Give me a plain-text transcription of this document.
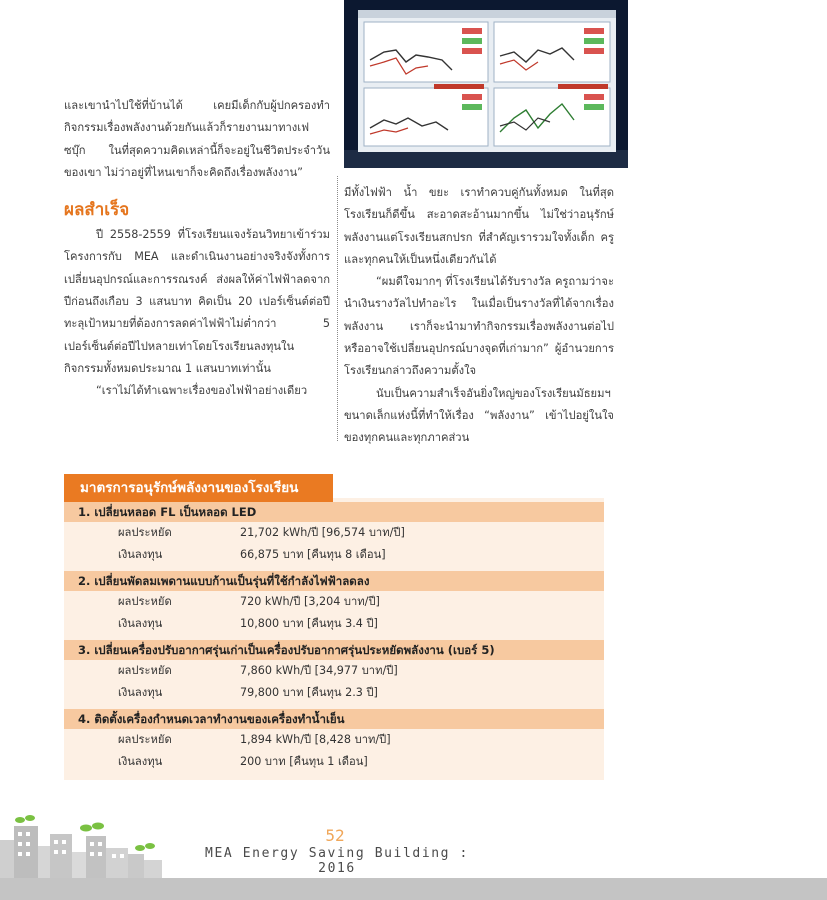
และเขานำไปใช้ที่บ้านได้ เคยมีเด็กกับผู้ปกครองทำกิจกรรมเรื่องพลังงานด้วยกันแล้วก็รายงานมาทางเฟซบุ๊ก ในที่สุดความคิดเหล่านี้ก็จะอยู่ในชีวิตประจำวันของเขา ไม่ว่าอยู่ที่ไหนเขาก็จะคิดถึงเรื่องพลังงาน”

ผลสำเร็จ

ปี 2558-2559 ที่โรงเรียนแจงร้อนวิทยาเข้าร่วมโครงการกับ MEA และดำเนินงานอย่างจริงจังทั้งการเปลี่ยนอุปกรณ์และการรณรงค์ ส่งผลให้ค่าไฟฟ้าลดจากปีก่อนถึงเกือบ 3 แสนบาท คิดเป็น 20 เปอร์เซ็นต์ต่อปี ทะลุเป้าหมายที่ต้องการลดค่าไฟฟ้าไม่ต่ำกว่า 5 เปอร์เซ็นต์ต่อปีไปหลายเท่าโดยโรงเรียนลงทุนในกิจกรรมทั้งหมดประมาณ 1 แสนบาทเท่านั้น

“เราไม่ได้ทำเฉพาะเรื่องของไฟฟ้าอย่างเดียว

มีทั้งไฟฟ้า น้ำ ขยะ เราทำควบคู่กันทั้งหมด ในที่สุดโรงเรียนก็ดีขึ้น สะอาดสะอ้านมากขึ้น ไม่ใช่ว่าอนุรักษ์พลังงานแต่โรงเรียนสกปรก ที่สำคัญเรารวมใจทั้งเด็ก ครู และทุกคนให้เป็นหนึ่งเดียวกันได้

“ผมดีใจมากๆ ที่โรงเรียนได้รับรางวัล ครูถามว่าจะนำเงินรางวัลไปทำอะไร ในเมื่อเป็นรางวัลที่ได้จากเรื่องพลังงาน เราก็จะนำมาทำกิจกรรมเรื่องพลังงานต่อไป หรืออาจใช้เปลี่ยนอุปกรณ์บางจุดที่เก่ามาก” ผู้อำนวยการโรงเรียนกล่าวถึงความตั้งใจ

นับเป็นความสำเร็จอันยิ่งใหญ่ของโรงเรียนมัธยมฯ ขนาดเล็กแห่งนี้ที่ทำให้เรื่อง “พลังงาน” เข้าไปอยู่ในใจของทุกคนและทุกภาคส่วน

1. เปลี่ยนหลอด FL เป็นหลอด LED
ผลประหยัด	21,702 kWh/ปี [96,574 บาท/ปี]
เงินลงทุน	66,875 บาท [คืนทุน 8 เดือน]
2. เปลี่ยนพัดลมเพดานแบบก้านเป็นรุ่นที่ใช้กำลังไฟฟ้าลดลง
ผลประหยัด	720 kWh/ปี [3,204 บาท/ปี]
เงินลงทุน	10,800 บาท [คืนทุน 3.4 ปี]
3. เปลี่ยนเครื่องปรับอากาศรุ่นเก่าเป็นเครื่องปรับอากาศรุ่นประหยัดพลังงาน (เบอร์ 5)
ผลประหยัด	7,860 kWh/ปี [34,977 บาท/ปี]
เงินลงทุน	79,800 บาท [คืนทุน 2.3 ปี]
4. ติดตั้งเครื่องกำหนดเวลาทำงานของเครื่องทำน้ำเย็น
ผลประหยัด	1,894 kWh/ปี [8,428 บาท/ปี]
เงินลงทุน	200 บาท [คืนทุน 1 เดือน]
มาตรการอนุรักษ์พลังงานของโรงเรียน
52
MEA Energy Saving Building : 2016
